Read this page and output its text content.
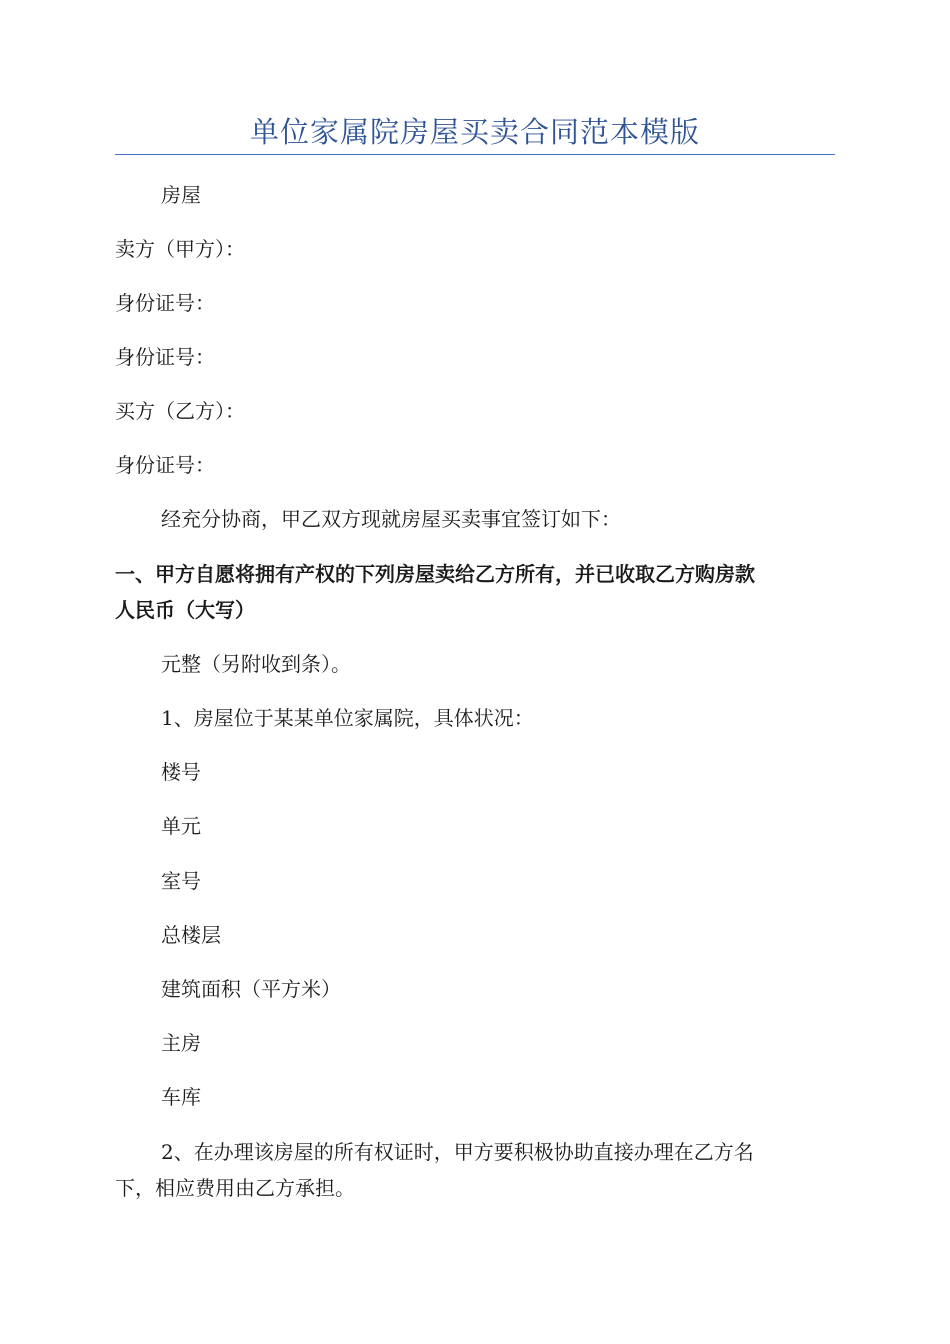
单位家属院房屋买卖合同范本模版
房屋
卖方（甲方）：
身份证号：
身份证号：
买方（乙方）：
身份证号：
经充分协商，甲乙双方现就房屋买卖事宜签订如下：
一、甲方自愿将拥有产权的下列房屋卖给乙方所有，并已收取乙方购房款
人民币（大写）
元整（另附收到条）。
1、房屋位于某某单位家属院，具体状况：
楼号
单元
室号
总楼层
建筑面积（平方米）
主房
车库
2、在办理该房屋的所有权证时，甲方要积极协助直接办理在乙方名
下，相应费用由乙方承担。
